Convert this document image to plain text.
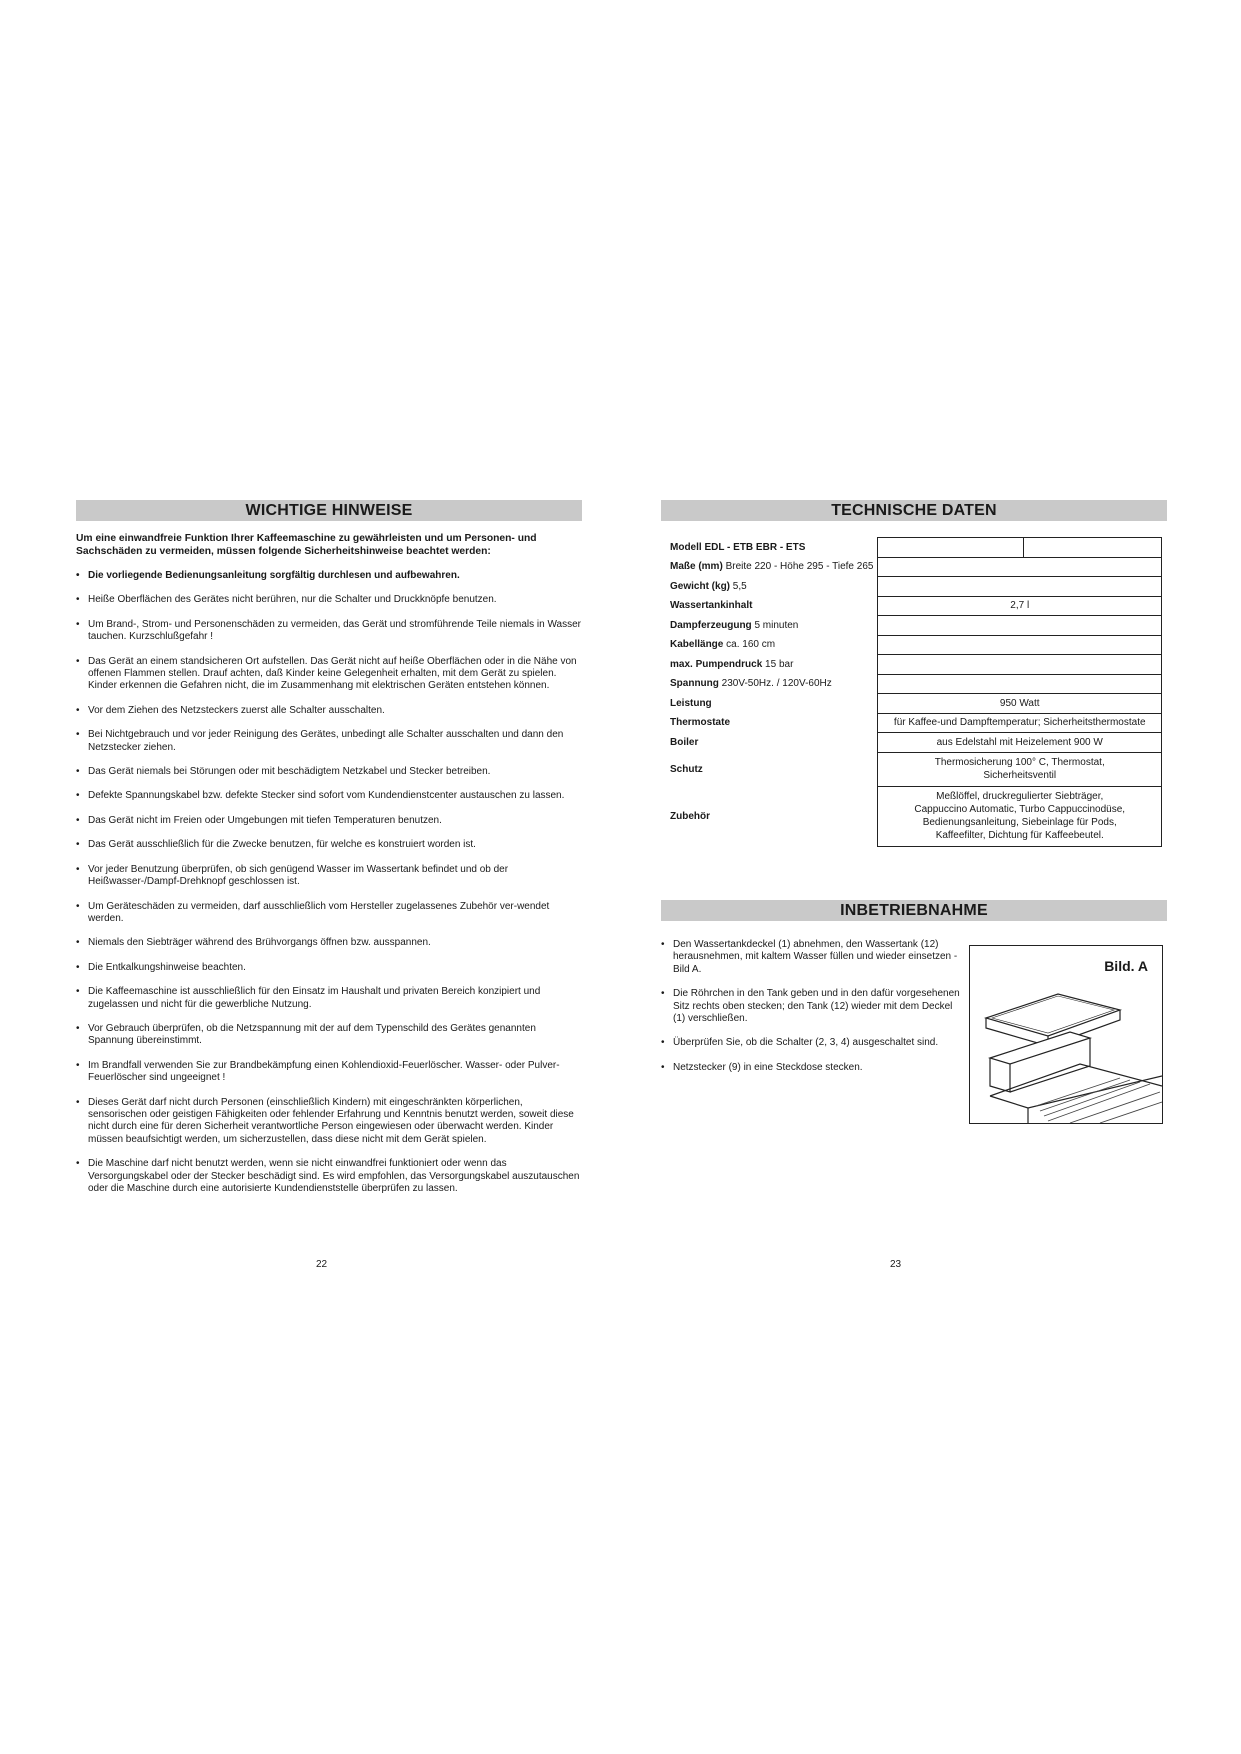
WICHTIGE HINWEISE
Um eine einwandfreie Funktion Ihrer Kaffeemaschine zu gewährleisten und um Personen- und Sachschäden zu vermeiden, müssen folgende Sicherheitshinweise beachtet werden:
• Die vorliegende Bedienungsanleitung sorgfältig durchlesen und aufbewahren.
• Heiße Oberflächen des Gerätes nicht berühren, nur die Schalter und Druckknöpfe benutzen.
• Um Brand-, Strom- und Personenschäden zu vermeiden, das Gerät und stromführende Teile niemals in Wasser tauchen. Kurzschlußgefahr !
• Das Gerät an einem standsicheren Ort aufstellen. Das Gerät nicht auf heiße Oberflächen oder in die Nähe von offenen Flammen stellen. Drauf achten, daß Kinder keine Gelegenheit erhalten, mit dem Gerät zu spielen. Kinder erkennen die Gefahren nicht, die im Zusammenhang mit elektrischen Geräten entstehen können.
• Vor dem Ziehen des Netzsteckers zuerst alle Schalter ausschalten.
• Bei Nichtgebrauch und vor jeder Reinigung des Gerätes, unbedingt alle Schalter ausschalten und dann den Netzstecker ziehen.
• Das Gerät niemals bei Störungen oder mit beschädigtem Netzkabel und Stecker betreiben.
• Defekte Spannungskabel bzw. defekte Stecker sind sofort vom Kundendienstcenter austauschen zu lassen.
• Das Gerät nicht im Freien oder Umgebungen mit tiefen Temperaturen benutzen.
• Das Gerät ausschließlich für die Zwecke benutzen, für welche es konstruiert worden ist.
• Vor jeder Benutzung überprüfen, ob sich genügend Wasser im Wassertank befindet und ob der Heißwasser-/Dampf-Drehknopf geschlossen ist.
• Um Geräteschäden zu vermeiden, darf ausschließlich vom Hersteller zugelassenes Zubehör ver-wendet werden.
• Niemals den Siebträger während des Brühvorgangs öffnen bzw. ausspannen.
• Die Entkalkungshinweise beachten.
• Die Kaffeemaschine ist ausschließlich für den Einsatz im Haushalt und privaten Bereich konzipiert und zugelassen und nicht für die gewerbliche Nutzung.
• Vor Gebrauch überprüfen, ob die Netzspannung mit der auf dem Typenschild des Gerätes genannten Spannung übereinstimmt.
• Im Brandfall verwenden Sie zur Brandbekämpfung einen Kohlendioxid-Feuerlöscher. Wasser- oder Pulver-Feuerlöscher sind ungeeignet !
• Dieses Gerät darf nicht durch Personen (einschließlich Kindern) mit eingeschränkten körperlichen, sensorischen oder geistigen Fähigkeiten oder fehlender Erfahrung und Kenntnis benutzt werden, soweit diese nicht durch eine für deren Sicherheit verantwortliche Person eingewiesen oder überwacht werden. Kinder müssen beaufsichtigt werden, um sicherzustellen, dass diese nicht mit dem Gerät spielen.
• Die Maschine darf nicht benutzt werden, wenn sie nicht einwandfrei funktioniert oder wenn das Versorgungskabel oder der Stecker beschädigt sind. Es wird empfohlen, das Versorgungskabel auszutauschen oder die Maschine durch eine autorisierte Kundendienststelle überprüfen zu lassen.
22
TECHNISCHE DATEN
Modell EDL - ETB EBR - ETS		
Maße (mm) Breite 220 - Höhe 295 - Tiefe 265		
Gewicht (kg) 5,5		
Wassertankinhalt	2,7 l	
Dampferzeugung 5 minuten		
Kabellänge ca. 160 cm		
max. Pumpendruck 15 bar		
Spannung 230V-50Hz. / 120V-60Hz		
Leistung	950 Watt	
Thermostate	für Kaffee-und Dampftemperatur; Sicherheitsthermostate	
Boiler	aus Edelstahl mit Heizelement 900 W	
Schutz	Thermosicherung 100° C, Thermostat, Sicherheitsventil	
Zubehör	Meßlöffel, druckregulierter Siebträger, Cappuccino Automatic, Turbo Cappuccinodüse, Bedienungsanleitung, Siebeinlage für Pods, Kaffeefilter, Dichtung für Kaffeebeutel.	
INBETRIEBNAHME
• Den Wassertankdeckel (1) abnehmen, den Wassertank (12) herausnehmen, mit kaltem Wasser füllen und wieder einsetzen - Bild A.
• Die Röhrchen in den Tank geben und in den dafür vorgesehenen Sitz rechts oben stecken; den Tank (12) wieder mit dem Deckel (1) verschließen.
• Überprüfen Sie, ob die Schalter (2, 3, 4) ausgeschaltet sind.
• Netzstecker (9) in eine Steckdose stecken.
Bild. A
23
